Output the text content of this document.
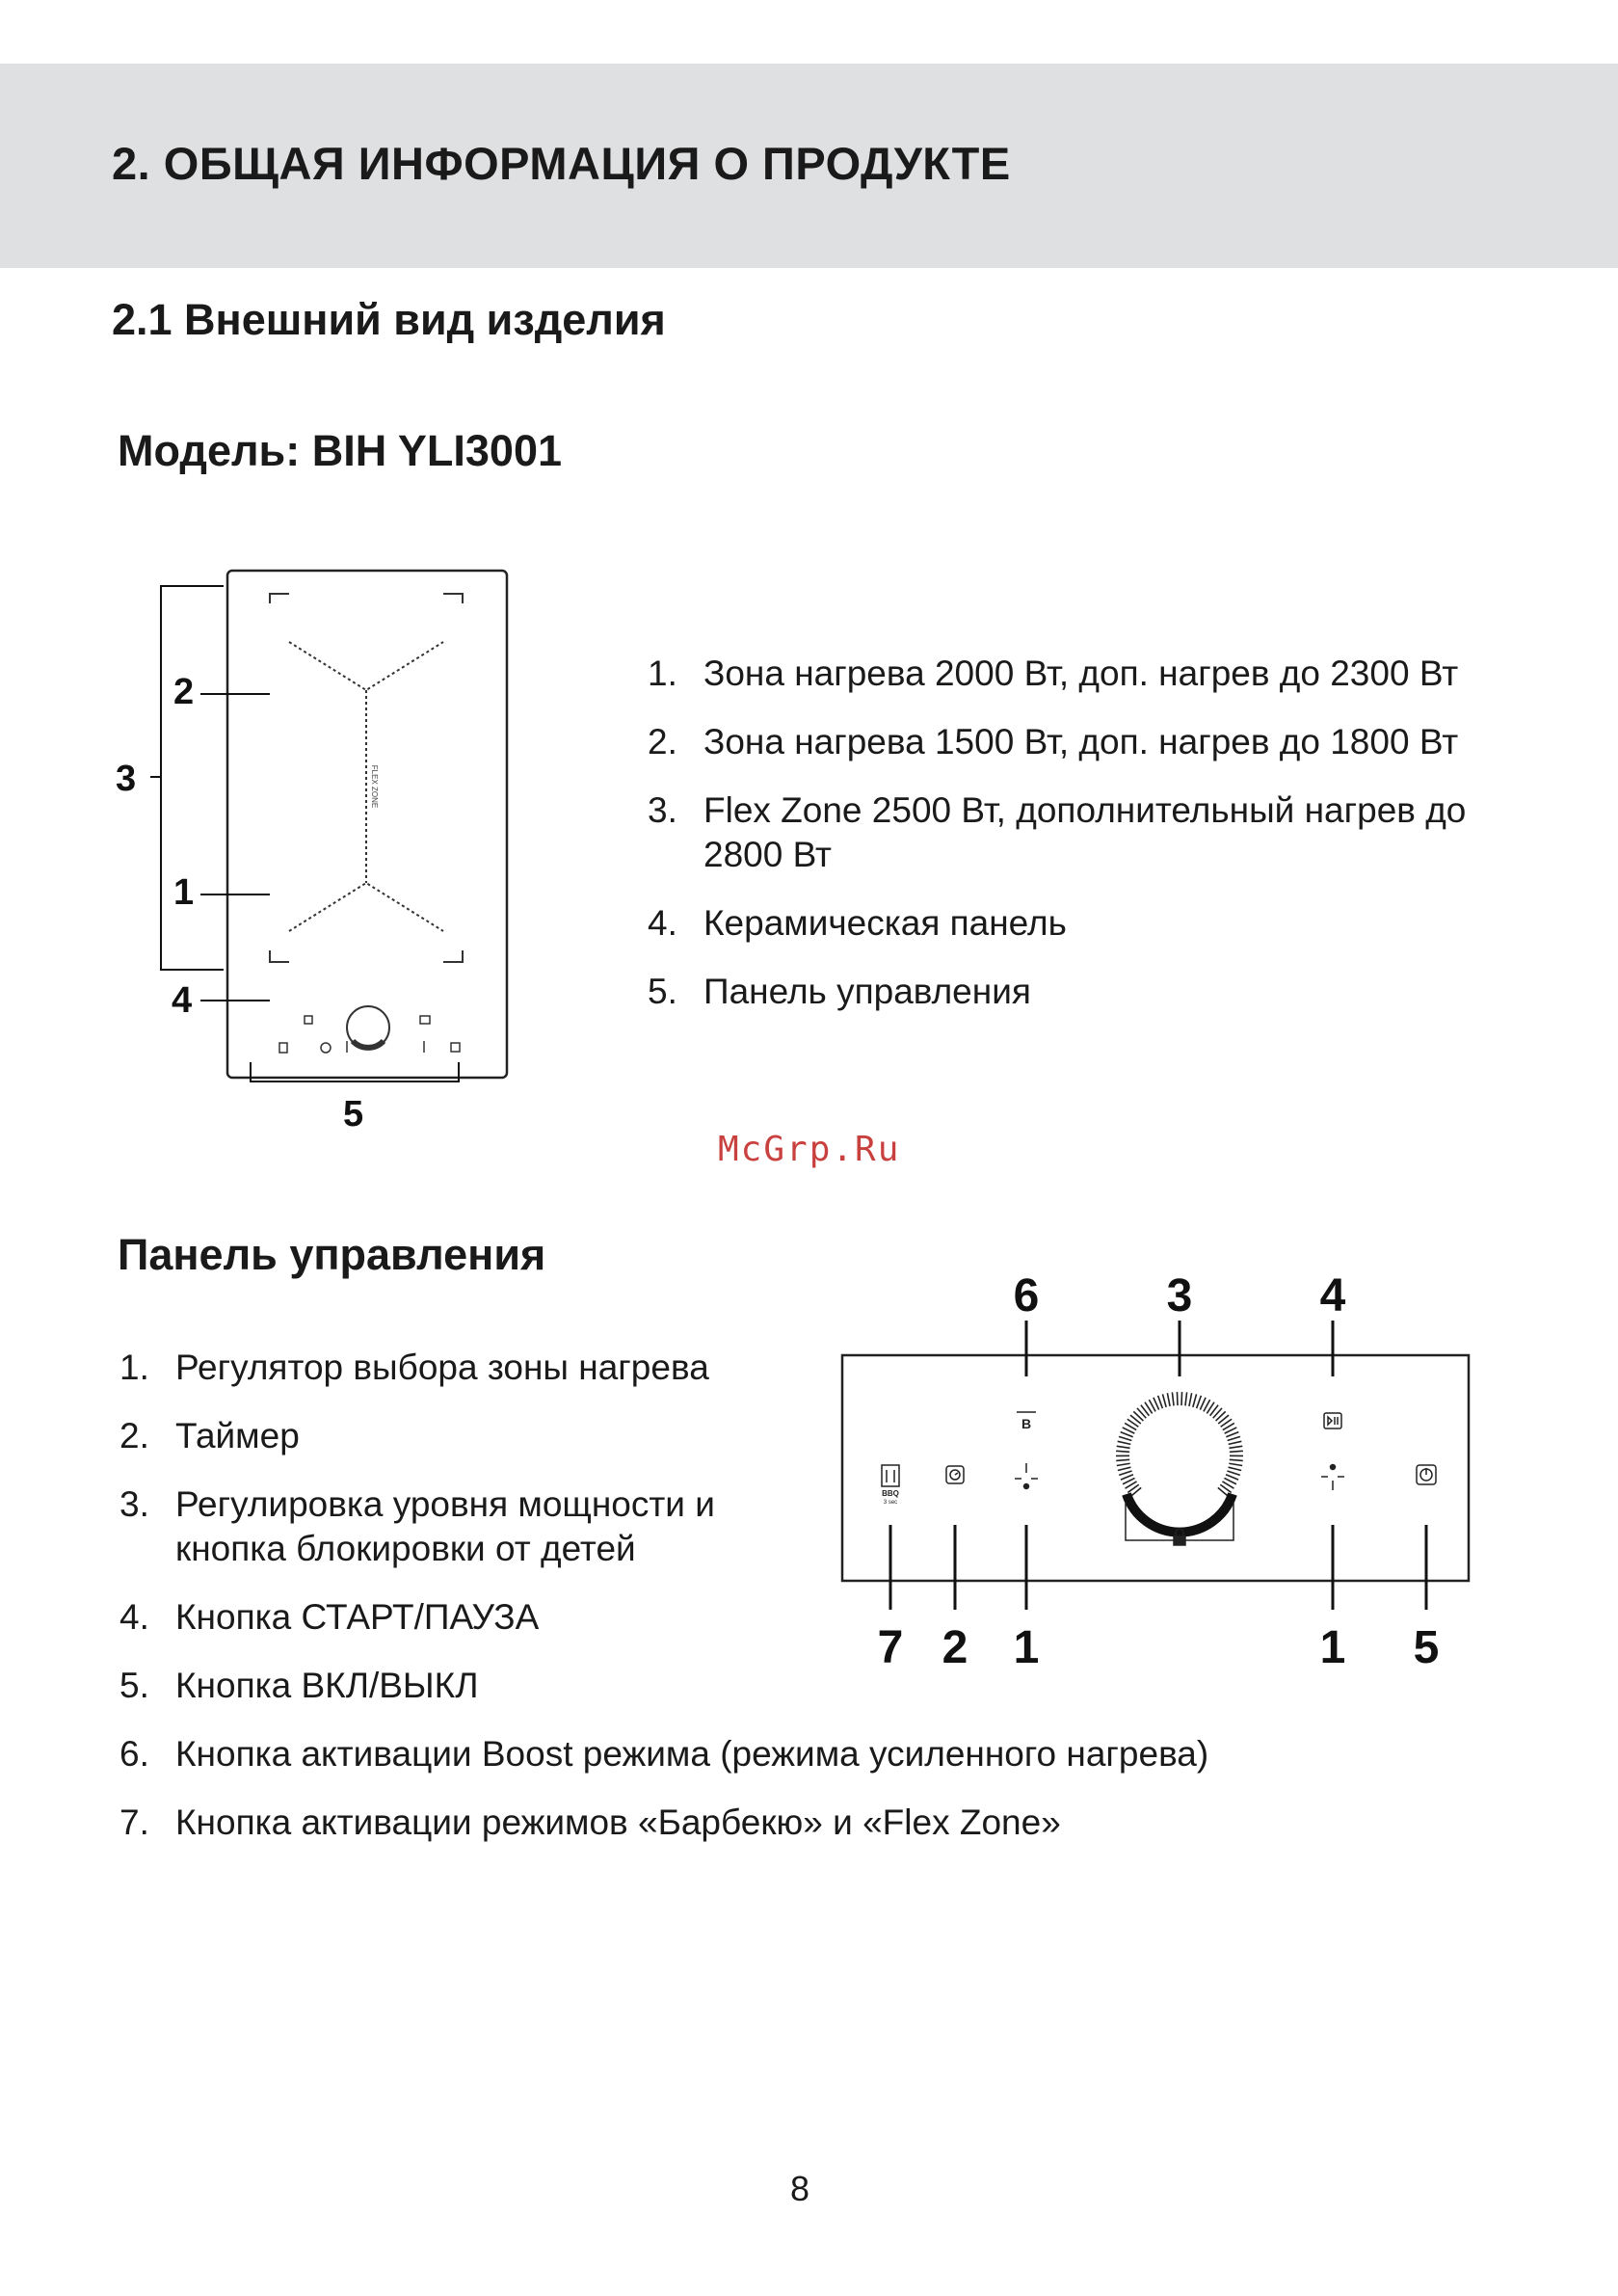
2. ОБЩАЯ ИНФОРМАЦИЯ О ПРОДУКТЕ
2.1 Внешний вид изделия
Модель: BIH YLI3001
FLEX ZONE
2
3
1
4
5
1. Зона нагрева 2000 Вт, доп. нагрев до 2300 Вт
2. Зона нагрева 1500 Вт, доп. нагрев до 1800 Вт
3. Flex Zone 2500 Вт, дополнительный нагрев до 2800 Вт
4. Керамическая панель
5. Панель управления
McGrp.Ru
Панель управления
6	3	4
7 2 1	1 5
B
BBQ
3 sec
1. Регулятор выбора зоны нагрева
2. Таймер
3. Регулировка уровня мощности и кнопка блокировки от детей
4. Кнопка СТАРТ/ПАУЗА
5. Кнопка ВКЛ/ВЫКЛ
6. Кнопка активации Boost режима (режима усиленного нагрева)
7. Кнопка активации режимов «Барбекю» и «Flex Zone»
8
